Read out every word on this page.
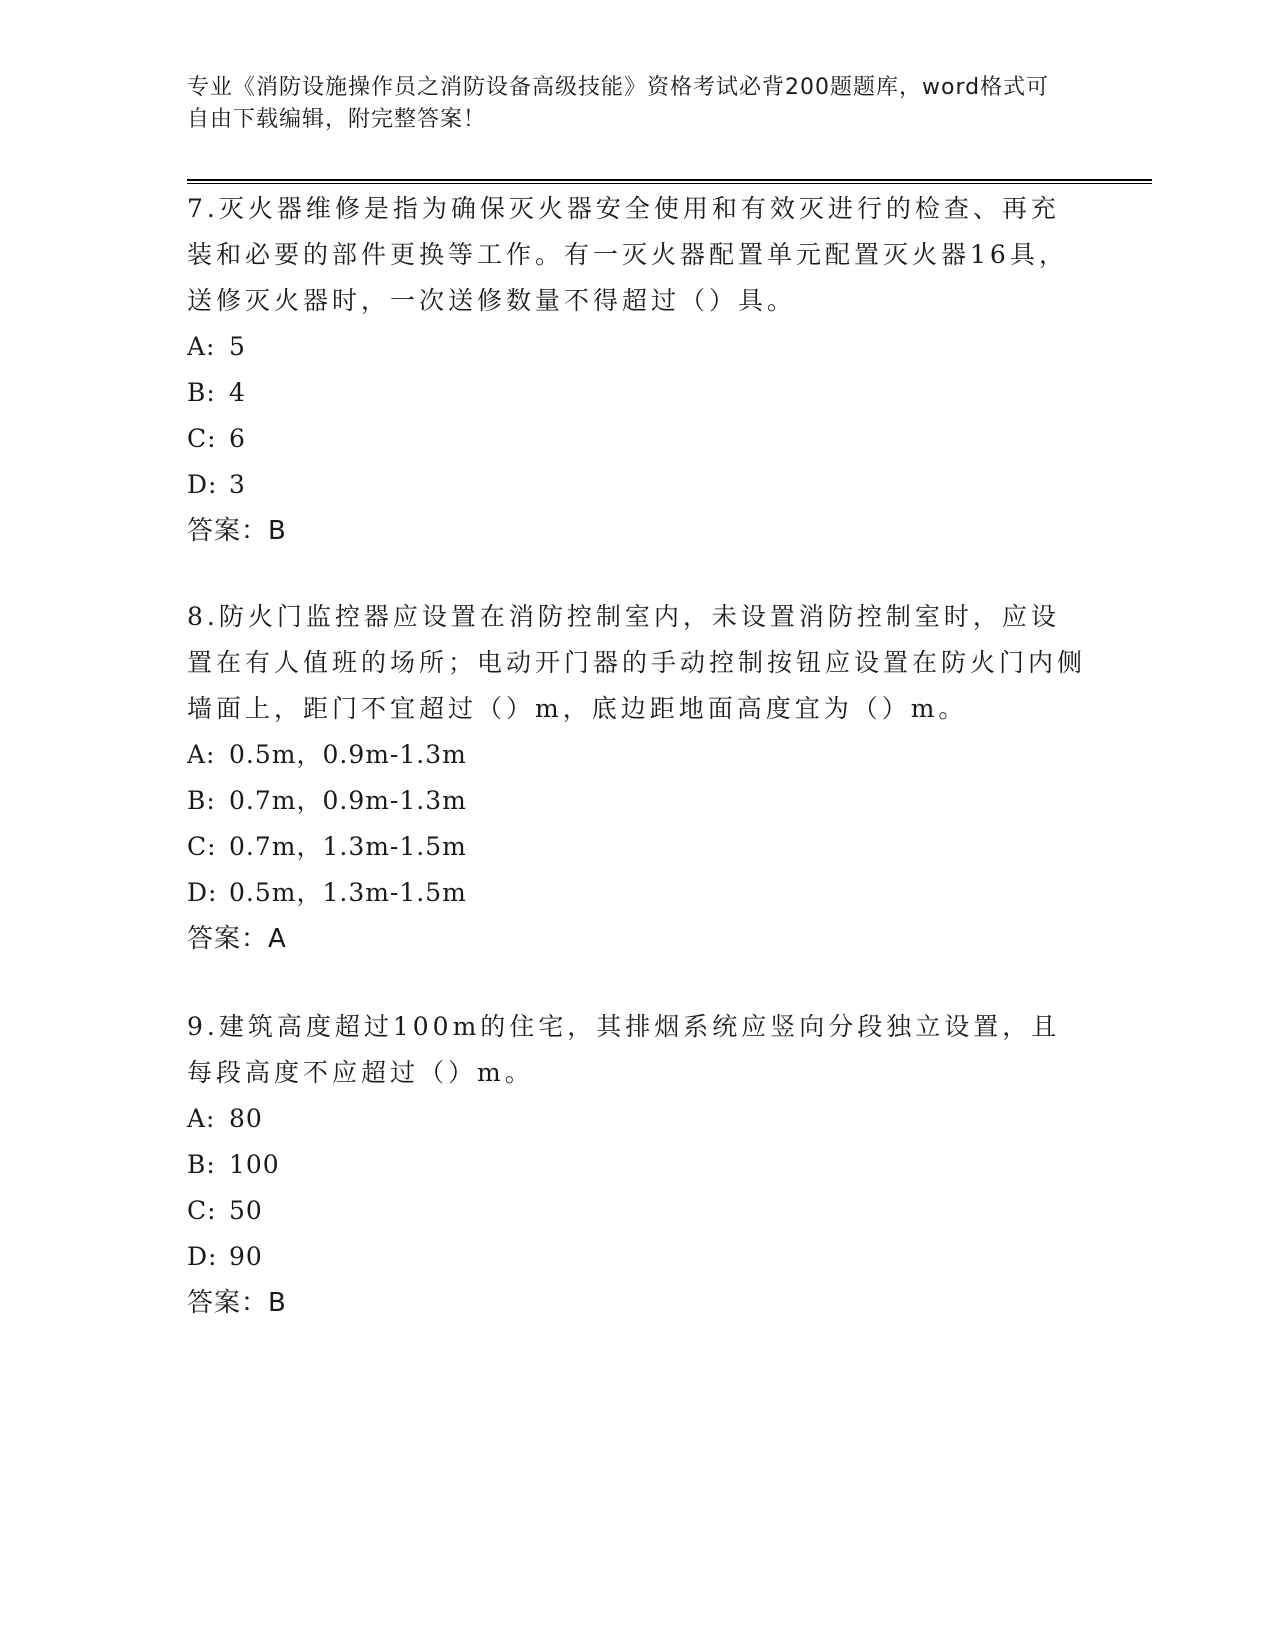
专业《消防设施操作员之消防设备高级技能》资格考试必背200题题库，word格式可自由下载编辑，附完整答案！

7.灭火器维修是指为确保灭火器安全使用和有效灭进行的检查、再充装和必要的部件更换等工作。有一灭火器配置单元配置灭火器16具，送修灭火器时，一次送修数量不得超过（）具。

A: 5
B: 4
C: 6
D: 3
答案：B

8.防火门监控器应设置在消防控制室内，未设置消防控制室时，应设置在有人值班的场所；电动开门器的手动控制按钮应设置在防火门内侧墙面上，距门不宜超过（）m，底边距地面高度宜为（）m。

A: 0.5m，0.9m-1.3m
B: 0.7m，0.9m-1.3m
C: 0.7m，1.3m-1.5m
D: 0.5m，1.3m-1.5m
答案：A

9.建筑高度超过100m的住宅，其排烟系统应竖向分段独立设置，且每段高度不应超过（）m。

A: 80
B: 100
C: 50
D: 90
答案：B
